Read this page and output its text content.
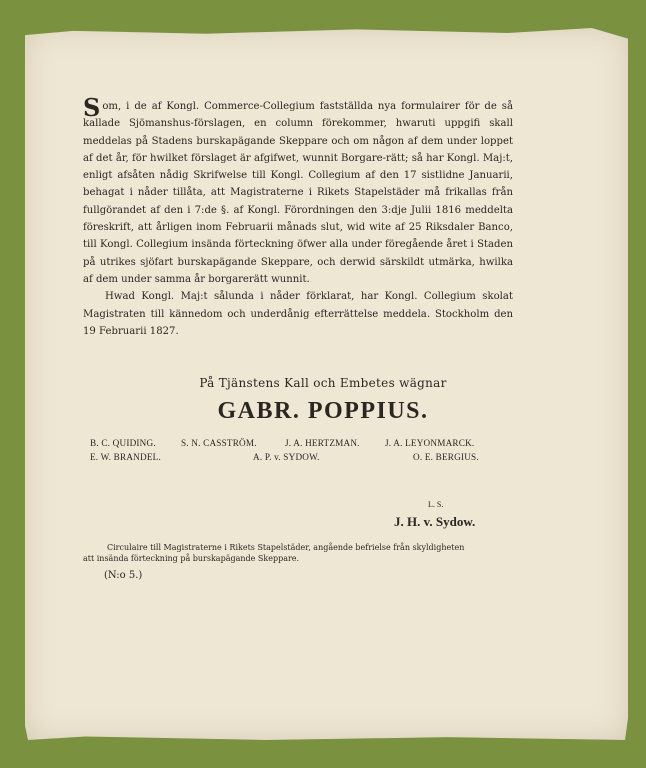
Som, i de af Kongl. Commerce-Collegium fastställda nya formulairer för de så kallade Sjömanshus-förslagen, en column förekommer, hwaruti uppgifi skall meddelas på Stadens burskapägande Skeppare och om någon af dem under loppet af det år, för hwilket förslaget är afgifwet, wunnit Borgare-rätt; så har Kongl. Maj:t, enligt afsåten nådig Skrifwelse till Kongl. Collegium af den 17 sistlidne Januarii, behagat i nåder tillåta, att Magistraterne i Rikets Stapelstäder må frikallas från fullgörandet af den i 7:de §. af Kongl. Förordningen den 3:dje Julii 1816 meddelta föreskrift, att årligen inom Februarii månads slut, wid wite af 25 Riksdaler Banco, till Kongl. Collegium insända förteckning öfwer alla under föregående året i Staden på utrikes sjöfart burskapägande Skeppare, och derwid särskildt utmärka, hwilka af dem under samma år borgarerätt wunnit.

Hwad Kongl. Maj:t sålunda i nåder förklarat, har Kongl. Collegium skolat Magistraten till kännedom och underdånig efterrättelse meddela. Stockholm den 19 Februarii 1827.

På Tjänstens Kall och Embetes wägnar
GABR. POPPIUS.
B. C. QUIDING.	S. N. CASSTRÖM.	J. A. HERTZMAN.	J. A. LEYONMARCK.
E. W. BRANDEL.	A. P. v. SYDOW.	O. E. BERGIUS.
L. S.
J. H. v. Sydow.

Circulaire till Magistraterne i Rikets Stapelstäder, angående befrielse från skyldigheten

att insända förteckning på burskapägande Skeppare.

(N:o 5.)
